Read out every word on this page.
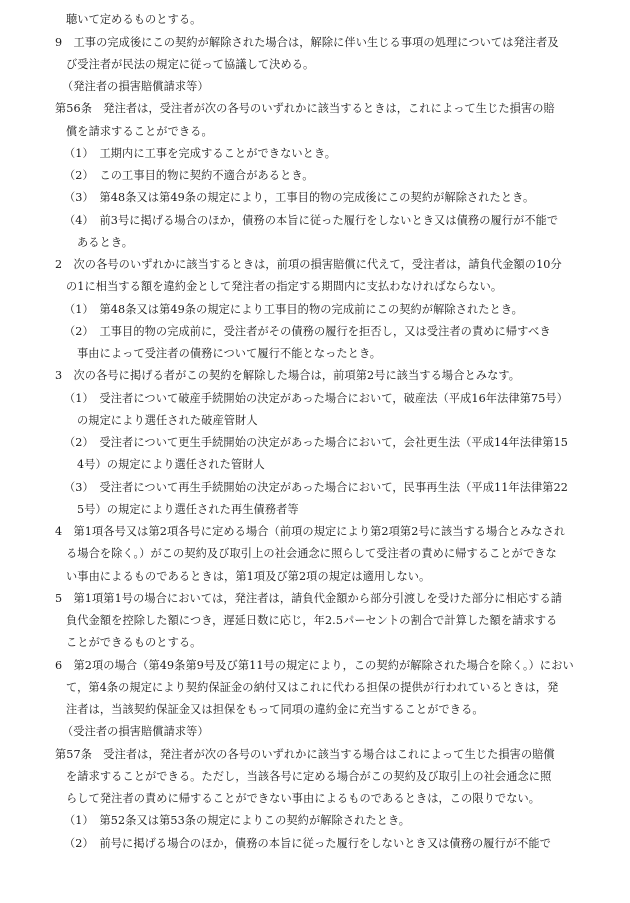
聴いて定めるものとする。
9　工事の完成後にこの契約が解除された場合は，解除に伴い生じる事項の処理については発注者及
び受注者が民法の規定に従って協議して決める。
（発注者の損害賠償請求等）
第56条　発注者は，受注者が次の各号のいずれかに該当するときは，これによって生じた損害の賠
償を請求することができる。
（1）　工期内に工事を完成することができないとき。
（2）　この工事目的物に契約不適合があるとき。
（3）　第48条又は第49条の規定により，工事目的物の完成後にこの契約が解除されたとき。
（4）　前3号に掲げる場合のほか，債務の本旨に従った履行をしないとき又は債務の履行が不能で
あるとき。
2　次の各号のいずれかに該当するときは，前項の損害賠償に代えて，受注者は，請負代金額の10分
の1に相当する額を違約金として発注者の指定する期間内に支払わなければならない。
（1）　第48条又は第49条の規定により工事目的物の完成前にこの契約が解除されたとき。
（2）　工事目的物の完成前に，受注者がその債務の履行を拒否し，又は受注者の責めに帰すべき
事由によって受注者の債務について履行不能となったとき。
3　次の各号に掲げる者がこの契約を解除した場合は，前項第2号に該当する場合とみなす。
（1）　受注者について破産手続開始の決定があった場合において，破産法（平成16年法律第75号）
の規定により選任された破産管財人
（2）　受注者について更生手続開始の決定があった場合において，会社更生法（平成14年法律第15
4号）の規定により選任された管財人
（3）　受注者について再生手続開始の決定があった場合において，民事再生法（平成11年法律第22
5号）の規定により選任された再生債務者等
4　第1項各号又は第2項各号に定める場合（前項の規定により第2項第2号に該当する場合とみなされ
る場合を除く。）がこの契約及び取引上の社会通念に照らして受注者の責めに帰することができな
い事由によるものであるときは，第1項及び第2項の規定は適用しない。
5　第1項第1号の場合においては，発注者は，請負代金額から部分引渡しを受けた部分に相応する請
負代金額を控除した額につき，遅延日数に応じ，年2.5パーセントの割合で計算した額を請求する
ことができるものとする。
6　第2項の場合（第49条第9号及び第11号の規定により，この契約が解除された場合を除く。）におい
て，第4条の規定により契約保証金の納付又はこれに代わる担保の提供が行われているときは，発
注者は，当該契約保証金又は担保をもって同項の違約金に充当することができる。
（受注者の損害賠償請求等）
第57条　受注者は，発注者が次の各号のいずれかに該当する場合はこれによって生じた損害の賠償
を請求することができる。ただし，当該各号に定める場合がこの契約及び取引上の社会通念に照
らして発注者の責めに帰することができない事由によるものであるときは，この限りでない。
（1）　第52条又は第53条の規定によりこの契約が解除されたとき。
（2）　前号に掲げる場合のほか，債務の本旨に従った履行をしないとき又は債務の履行が不能で
